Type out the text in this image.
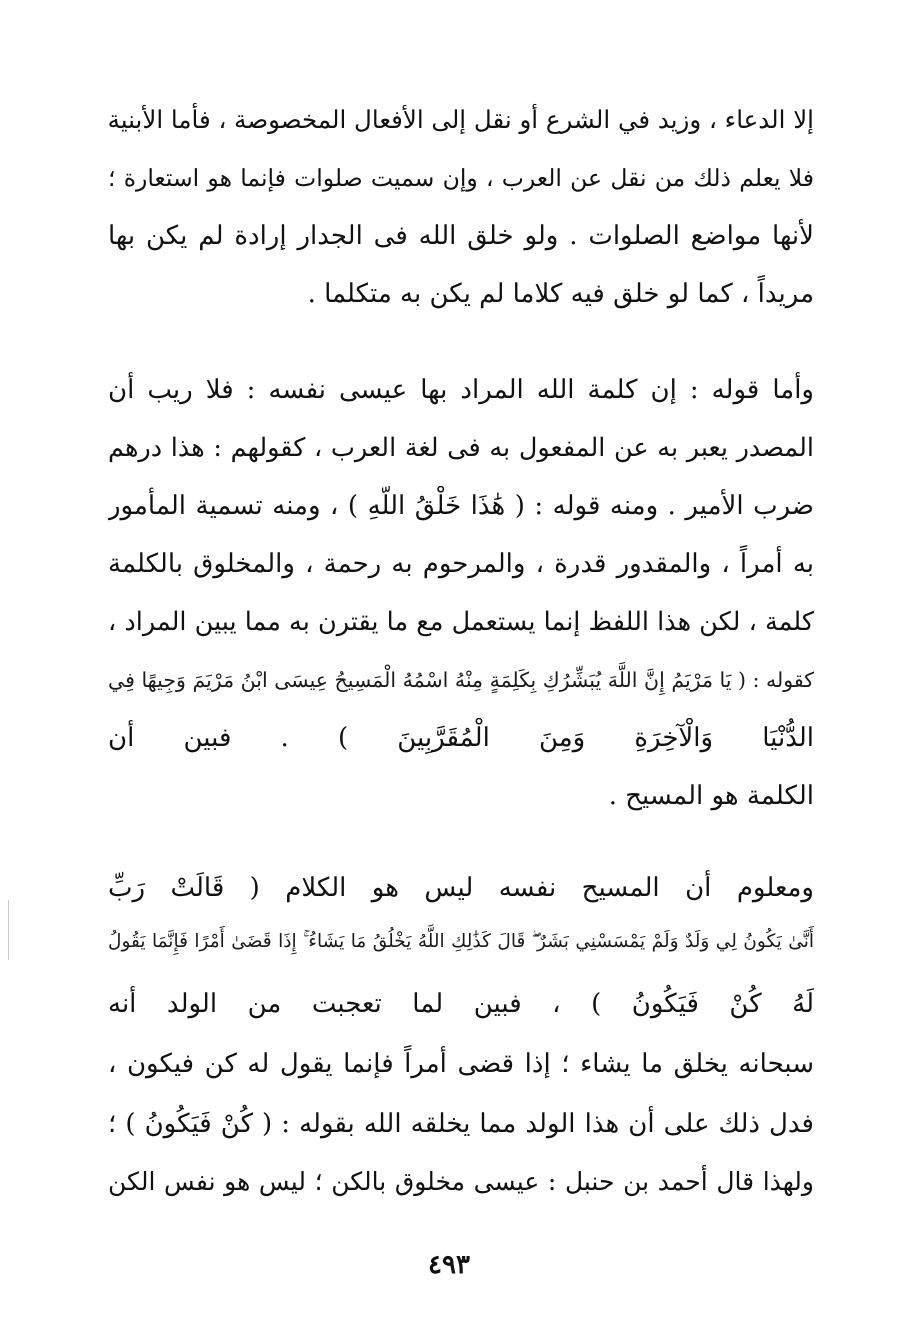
إلا الدعاء ، وزيد في الشرع أو نقل إلى الأفعال المخصوصة ، فأما الأبنية
فلا يعلم ذلك من نقل عن العرب ، وإن سميت صلوات فإنما هو استعارة ؛
لأنها مواضع الصلوات . ولو خلق الله فى الجدار إرادة لم يكن بها
مريداً ، كما لو خلق فيه كلاما لم يكن به متكلما .
وأما قوله : إن كلمة الله المراد بها عيسى نفسه : فلا ريب أن
المصدر يعبر به عن المفعول به فى لغة العرب ، كقولهم : هذا درهم
ضرب الأمير . ومنه قوله : ( هَٰذَا خَلْقُ اللَّهِ ) ، ومنه تسمية المأمور
به أمراً ، والمقدور قدرة ، والمرحوم به رحمة ، والمخلوق بالكلمة
كلمة ، لكن هذا اللفظ إنما يستعمل مع ما يقترن به مما يبين المراد ،
كقوله : ( يَا مَرْيَمُ إِنَّ اللَّهَ يُبَشِّرُكِ بِكَلِمَةٍ مِنْهُ اسْمُهُ الْمَسِيحُ عِيسَى ابْنُ مَرْيَمَ وَجِيهًا فِي
الدُّنْيَا وَالْآخِرَةِ وَمِنَ الْمُقَرَّبِينَ ) . فبين أن
الكلمة هو المسيح .
ومعلوم أن المسيح نفسه ليس هو الكلام ( قَالَتْ رَبِّ
أَنَّىٰ يَكُونُ لِي وَلَدٌ وَلَمْ يَمْسَسْنِي بَشَرٌ ۖ قَالَ كَذَٰلِكِ اللَّهُ يَخْلُقُ مَا يَشَاءُ ۚ إِذَا قَضَىٰ أَمْرًا فَإِنَّمَا يَقُولُ
لَهُ كُنْ فَيَكُونُ ) ، فبين لما تعجبت من الولد أنه
سبحانه يخلق ما يشاء ؛ إذا قضى أمراً فإنما يقول له كن فيكون ،
فدل ذلك على أن هذا الولد مما يخلقه الله بقوله : ( كُنْ فَيَكُونُ ) ؛
ولهذا قال أحمد بن حنبل : عيسى مخلوق بالكن ؛ ليس هو نفس الكن
٤٩٣
